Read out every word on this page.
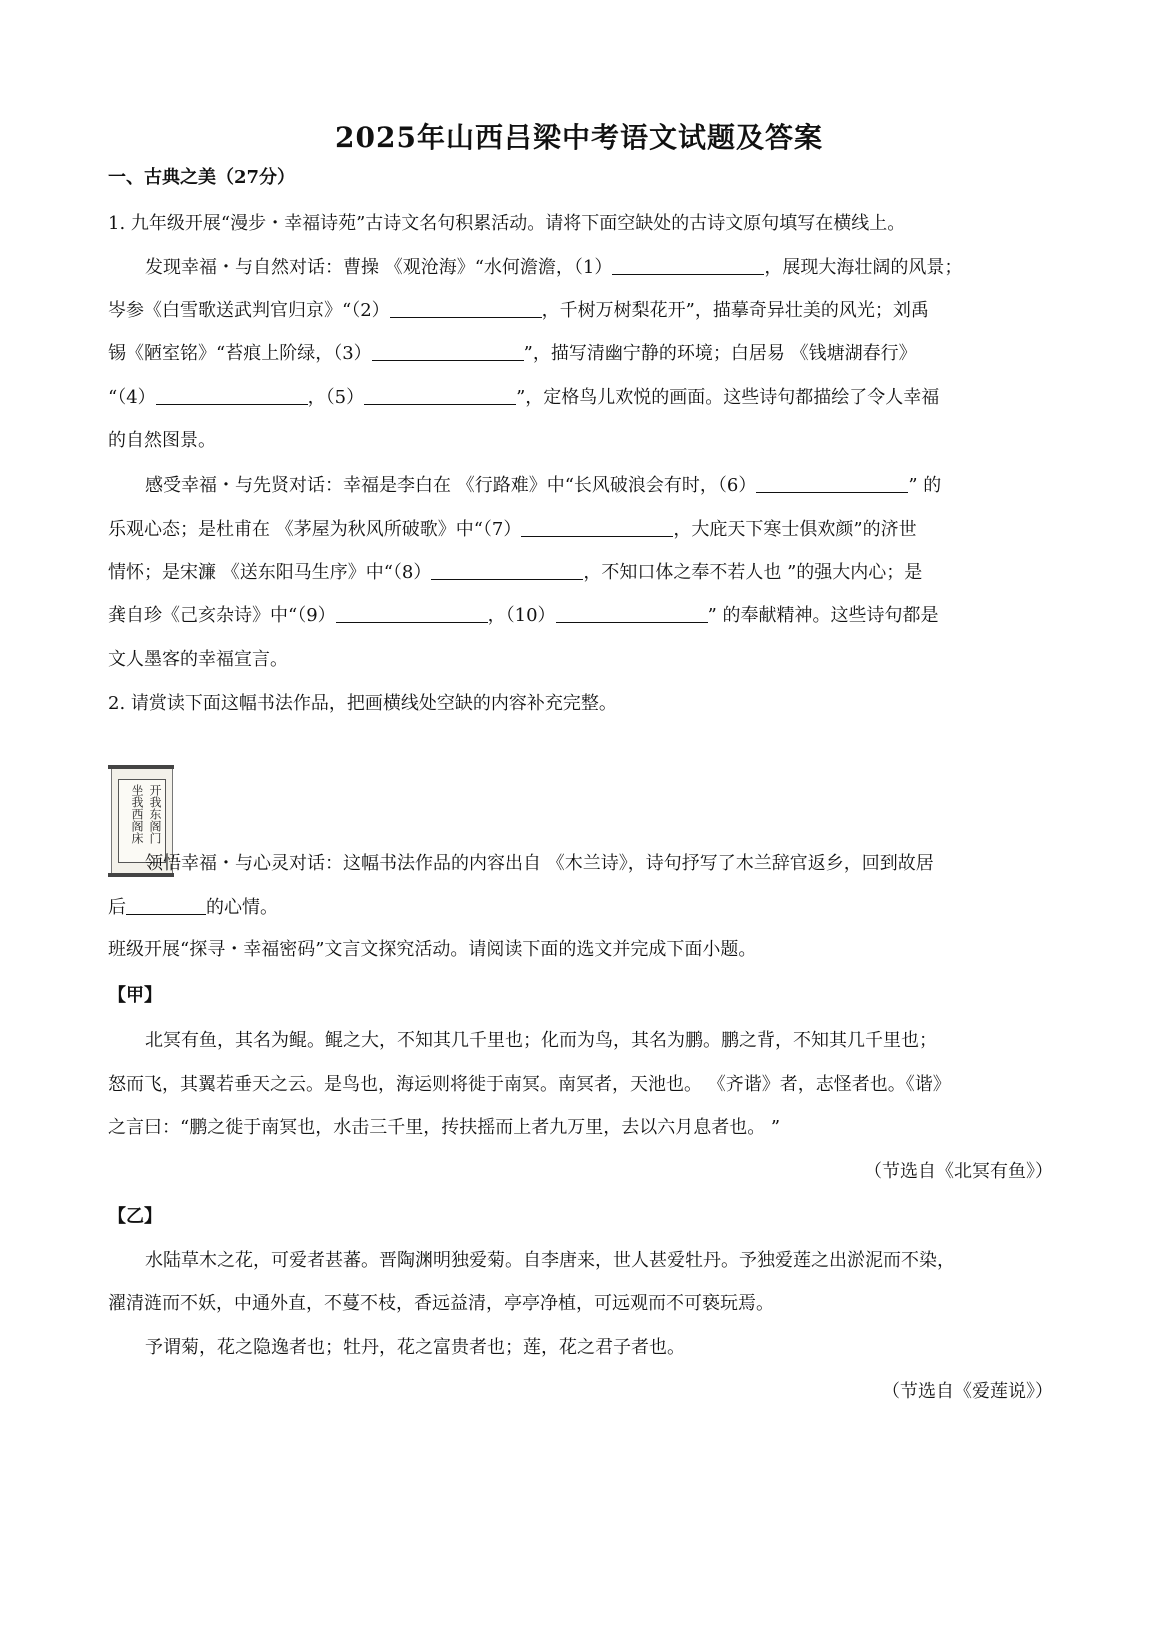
2025年山西吕梁中考语文试题及答案
一、古典之美（27分）
1. 九年级开展“漫步・幸福诗苑”古诗文名句积累活动。请将下面空缺处的古诗文原句填写在横线上。
发现幸福・与自然对话：曹操 《观沧海》“水何澹澹，（1）	，展现大海壮阔的风景；
岑参《白雪歌送武判官归京》“（2）	，千树万树梨花开”，描摹奇异壮美的风光；刘禹
锡《陋室铭》“苔痕上阶绿，（3）	”，描写清幽宁静的环境；白居易 《钱塘湖春行》
“（4）	，（5）	”，定格鸟儿欢悦的画面。这些诗句都描绘了令人幸福
的自然图景。
感受幸福・与先贤对话：幸福是李白在 《行路难》中“长风破浪会有时，（6）	” 的
乐观心态；是杜甫在 《茅屋为秋风所破歌》中“（7）	，大庇天下寒士俱欢颜”的济世
情怀；是宋濂 《送东阳马生序》中“（8）	，不知口体之奉不若人也 ”的强大内心；是
龚自珍《己亥杂诗》中“（9）	，（10）	” 的奉献精神。这些诗句都是
文人墨客的幸福宣言。
2. 请赏读下面这幅书法作品，把画横线处空缺的内容补充完整。
开我东阁门
坐我西阁床
领悟幸福・与心灵对话：这幅书法作品的内容出自 《木兰诗》，诗句抒写了木兰辞官返乡，回到故居
后	的心情。
班级开展“探寻・幸福密码”文言文探究活动。请阅读下面的选文并完成下面小题。
【甲】
北冥有鱼，其名为鲲。鲲之大，不知其几千里也；化而为鸟，其名为鹏。鹏之背，不知其几千里也；
怒而飞，其翼若垂天之云。是鸟也，海运则将徙于南冥。南冥者，天池也。 《齐谐》者，志怪者也。《谐》
之言曰：“鹏之徙于南冥也，水击三千里，抟扶摇而上者九万里，去以六月息者也。 ”
（节选自《北冥有鱼》）
【乙】
水陆草木之花，可爱者甚蕃。晋陶渊明独爱菊。自李唐来，世人甚爱牡丹。予独爱莲之出淤泥而不染，
濯清涟而不妖，中通外直，不蔓不枝，香远益清，亭亭净植，可远观而不可亵玩焉。
予谓菊，花之隐逸者也；牡丹，花之富贵者也；莲，花之君子者也。
（节选自《爱莲说》）
